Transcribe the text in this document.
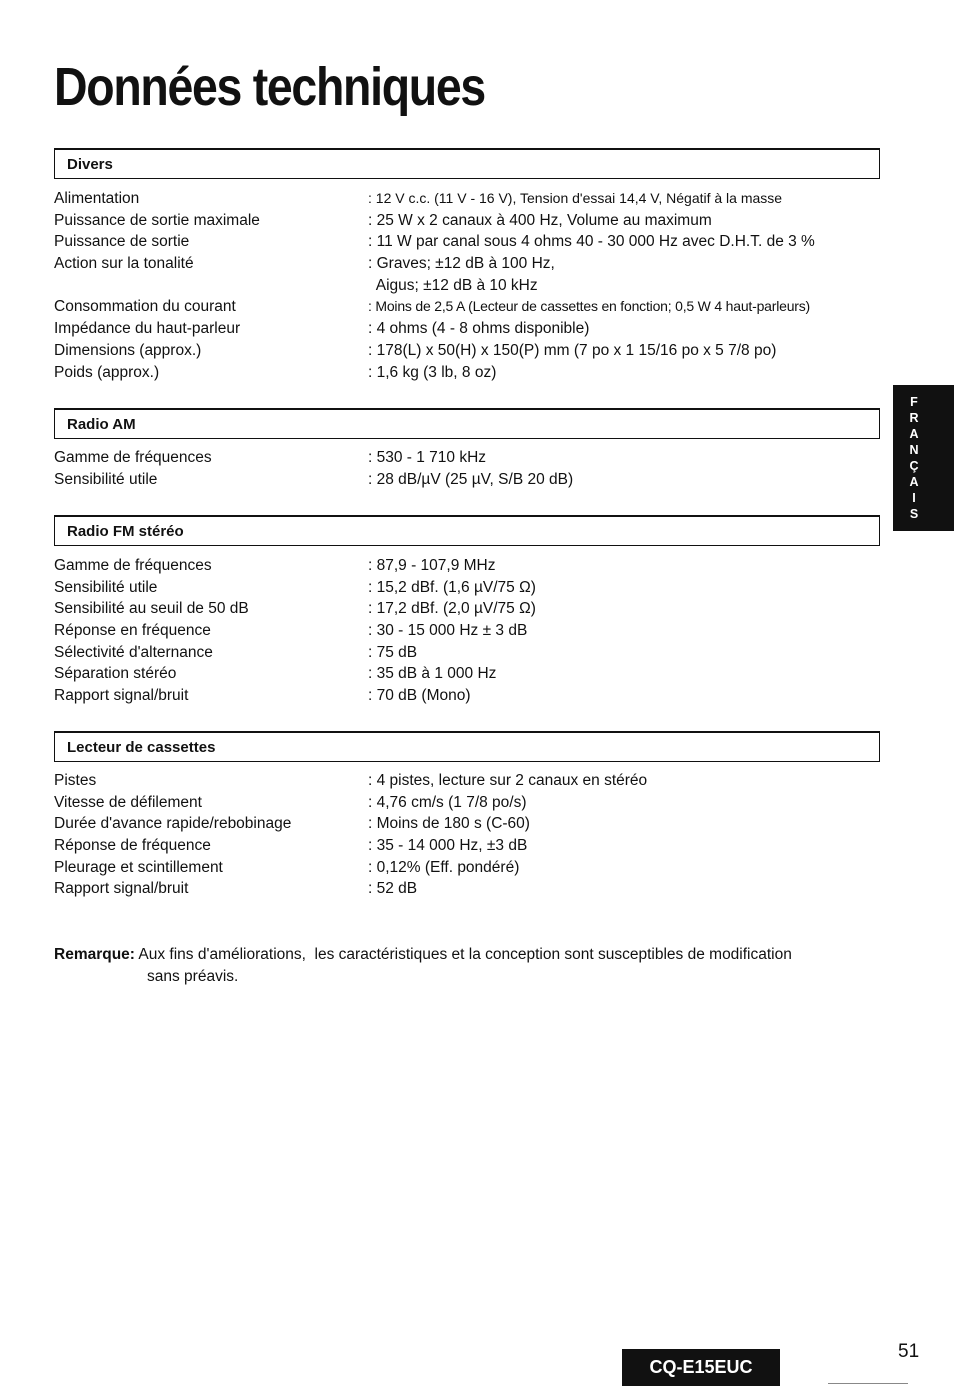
Données techniques
Divers
Alimentation	: 12 V c.c. (11 V - 16 V), Tension d'essai 14,4 V, Négatif à la masse
Puissance de sortie maximale	: 25 W x 2 canaux à 400 Hz, Volume au maximum
Puissance de sortie	: 11 W par canal sous 4 ohms 40 - 30 000 Hz avec D.H.T. de 3 %
Action sur la tonalité	: Graves; ±12 dB à 100 Hz,
Aigus; ±12 dB à 10 kHz
Consommation du courant	: Moins de 2,5 A (Lecteur de cassettes en fonction; 0,5 W 4 haut-parleurs)
Impédance du haut-parleur	: 4 ohms (4 - 8 ohms disponible)
Dimensions (approx.)	: 178(L) x 50(H) x 150(P) mm (7 po x 1 15/16 po x 5 7/8 po)
Poids (approx.)	: 1,6 kg (3 lb, 8 oz)
Radio AM
Gamme de fréquences	: 530 - 1 710 kHz
Sensibilité utile	: 28 dB/µV (25 µV, S/B 20 dB)
Radio FM stéréo
Gamme de fréquences	: 87,9 - 107,9 MHz
Sensibilité utile	: 15,2 dBf. (1,6 µV/75 Ω)
Sensibilité au seuil de 50 dB	: 17,2 dBf. (2,0 µV/75 Ω)
Réponse en fréquence	: 30 - 15 000 Hz ± 3 dB
Sélectivité d'alternance	: 75 dB
Séparation stéréo	: 35 dB à 1 000 Hz
Rapport signal/bruit	: 70 dB (Mono)
Lecteur de cassettes
Pistes	: 4 pistes, lecture sur 2 canaux en stéréo
Vitesse de défilement	: 4,76 cm/s (1 7/8 po/s)
Durée d'avance rapide/rebobinage	: Moins de 180 s (C-60)
Réponse de fréquence	: 35 - 14 000 Hz, ±3 dB
Pleurage et scintillement	: 0,12% (Eff. pondéré)
Rapport signal/bruit	: 52 dB
F
R
A
N
Ç
A
I
S
Remarque: Aux fins d'améliorations,  les caractéristiques et la conception sont susceptibles de modification
sans préavis.
CQ-E15EUC
51
